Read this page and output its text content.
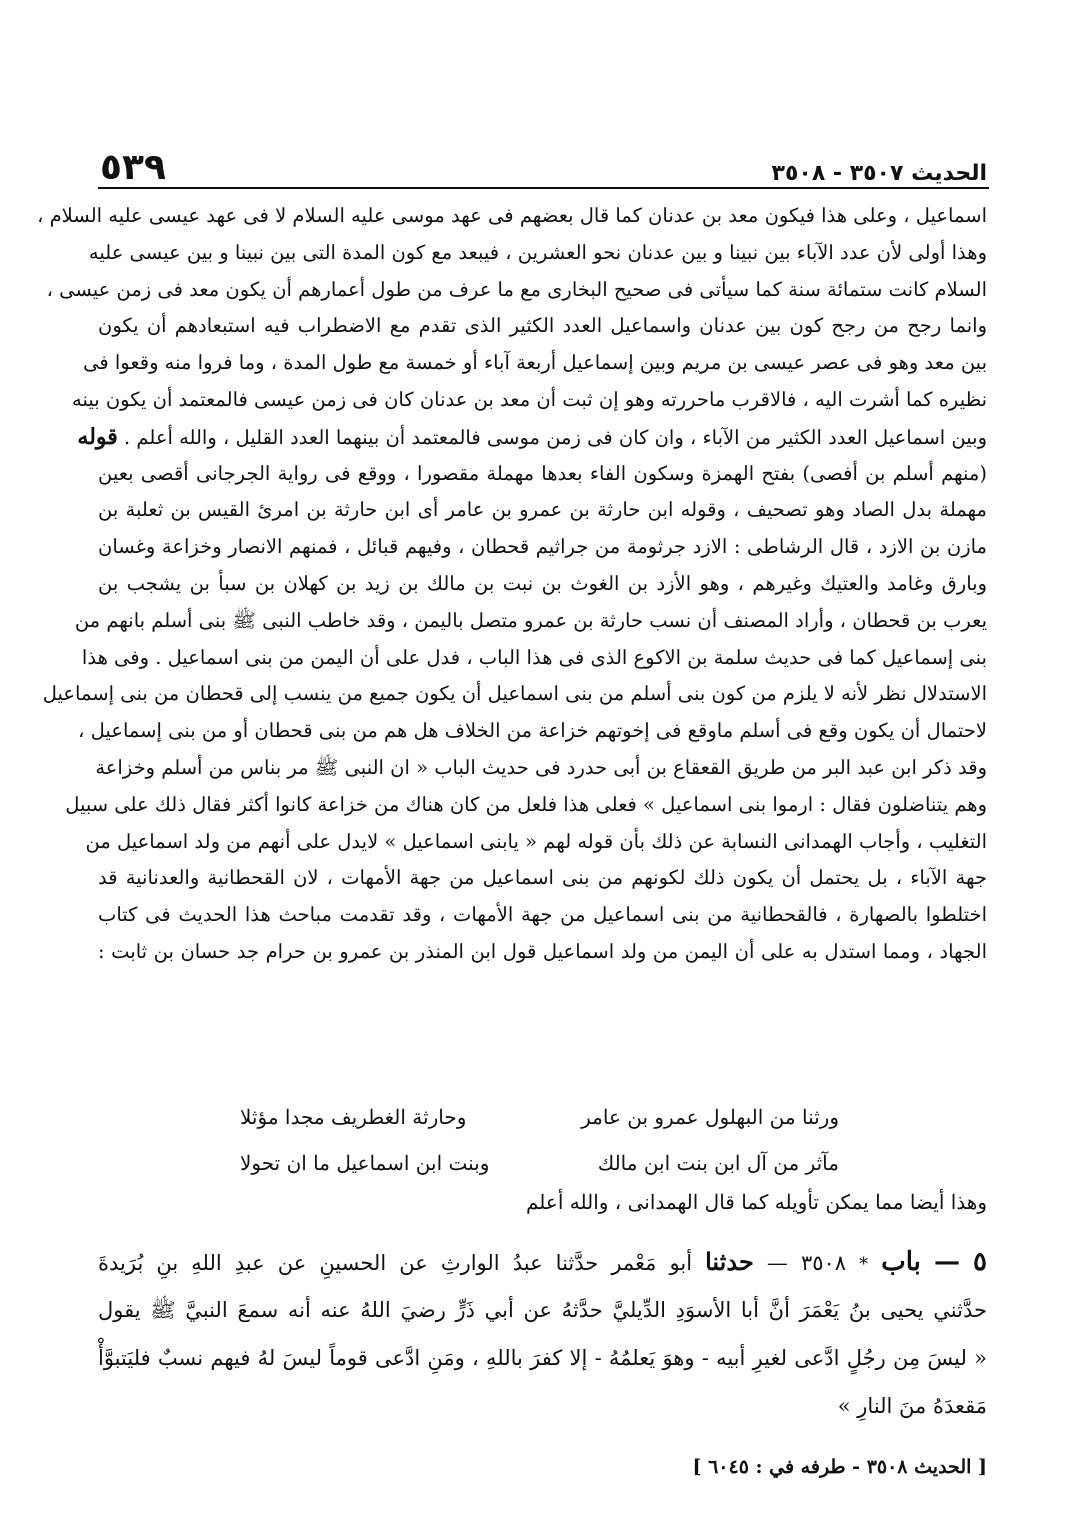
الحديث ٣٥٠٧ - ٣٥٠٨
٥٣٩
اسماعيل ، وعلى هذا فيكون معد بن عدنان كما قال بعضهم فى عهد موسى عليه السلام لا فى عهد عيسى عليه السلام ،
وهذا أولى لأن عدد الآباء بين نبينا و بين عدنان نحو العشرين ، فيبعد مع كون المدة التى بين نبينا و بين عيسى عليه
السلام كانت ستمائة سنة كما سيأتى فى صحيح البخارى مع ما عرف من طول أعمارهم أن يكون معد فى زمن عيسى ،
وانما رجح من رجح كون بين عدنان واسماعيل العدد الكثير الذى تقدم مع الاضطراب فيه استبعادهم أن يكون
بين معد وهو فى عصر عيسى بن مريم وبين إسماعيل أربعة آباء أو خمسة مع طول المدة ، وما فروا منه وقعوا فى
نظيره كما أشرت اليه ، فالاقرب ماحررته وهو إن ثبت أن معد بن عدنان كان فى زمن عيسى فالمعتمد أن يكون بينه
وبين اسماعيل العدد الكثير من الآباء ، وان كان فى زمن موسى فالمعتمد أن بينهما العدد القليل ، والله أعلم . قوله
(منهم أسلم بن أفصى) بفتح الهمزة وسكون الفاء بعدها مهملة مقصورا ، ووقع فى رواية الجرجانى أقصى بعين
مهملة بدل الصاد وهو تصحيف ، وقوله ابن حارثة بن عمرو بن عامر أى ابن حارثة بن امرئ القيس بن ثعلبة بن
مازن بن الازد ، قال الرشاطى : الازد جرثومة من جراثيم قحطان ، وفيهم قبائل ، فمنهم الانصار وخزاعة وغسان
وبارق وغامد والعتيك وغيرهم ، وهو الأزد بن الغوث بن نبت بن مالك بن زيد بن كهلان بن سبأ بن يشجب بن
يعرب بن قحطان ، وأراد المصنف أن نسب حارثة بن عمرو متصل باليمن ، وقد خاطب النبى ﷺ بنى أسلم بانهم من
بنى إسماعيل كما فى حديث سلمة بن الاكوع الذى فى هذا الباب ، فدل على أن اليمن من بنى اسماعيل . وفى هذا
الاستدلال نظر لأنه لا يلزم من كون بنى أسلم من بنى اسماعيل أن يكون جميع من ينسب إلى قحطان من بنى إسماعيل
لاحتمال أن يكون وقع فى أسلم ماوقع فى إخوتهم خزاعة من الخلاف هل هم من بنى قحطان أو من بنى إسماعيل ،
وقد ذكر ابن عبد البر من طريق القعقاع بن أبى حدرد فى حديث الباب « ان النبى ﷺ مر بناس من أسلم وخزاعة
وهم يتناضلون فقال : ارموا بنى اسماعيل » فعلى هذا فلعل من كان هناك من خزاعة كانوا أكثر فقال ذلك على سبيل
التغليب ، وأجاب الهمدانى النسابة عن ذلك بأن قوله لهم « يابنى اسماعيل » لايدل على أنهم من ولد اسماعيل من
جهة الآباء ، بل يحتمل أن يكون ذلك لكونهم من بنى اسماعيل من جهة الأمهات ، لان القحطانية والعدنانية قد
اختلطوا بالصهارة ، فالقحطانية من بنى اسماعيل من جهة الأمهات ، وقد تقدمت مباحث هذا الحديث فى كتاب
الجهاد ، ومما استدل به على أن اليمن من ولد اسماعيل قول ابن المنذر بن عمرو بن حرام جد حسان بن ثابت :
ورثنا من البهلول عمرو بن عامر
وحارثة الغطريف مجدا مؤثلا
مآثر من آل ابن بنت ابن مالك
وبنت ابن اسماعيل ما ان تحولا
وهذا أيضا مما يمكن تأويله كما قال الهمدانى ، والله أعلم
٥ — باب * ٣٥٠٨ — حدثنا أبو مَعْمر حدَّثنا عبدُ الوارثِ عن الحسينِ عن عبدِ اللهِ بنِ بُرَيدةَ
حدَّثني يحيى بنُ يَعْمَرَ أنَّ أبا الأسوَدِ الدِّيليَّ حدَّثهُ عن أبي ذَرٍّ رضيَ اللهُ عنه أنه سمعَ النبيَّ ﷺ يقول
« ليسَ مِن رجُلٍ ادَّعى لغيرِ أبيه - وهوَ يَعلمُهُ - إلا كفرَ باللهِ ، ومَنِ ادَّعى قوماً ليسَ لهُ فيهم نسبٌ فليَتبوَّأْ
مَقعدَهُ منَ النارِ »
[ الحديث ٣٥٠٨ - طرفه في : ٦٠٤٥ ]
